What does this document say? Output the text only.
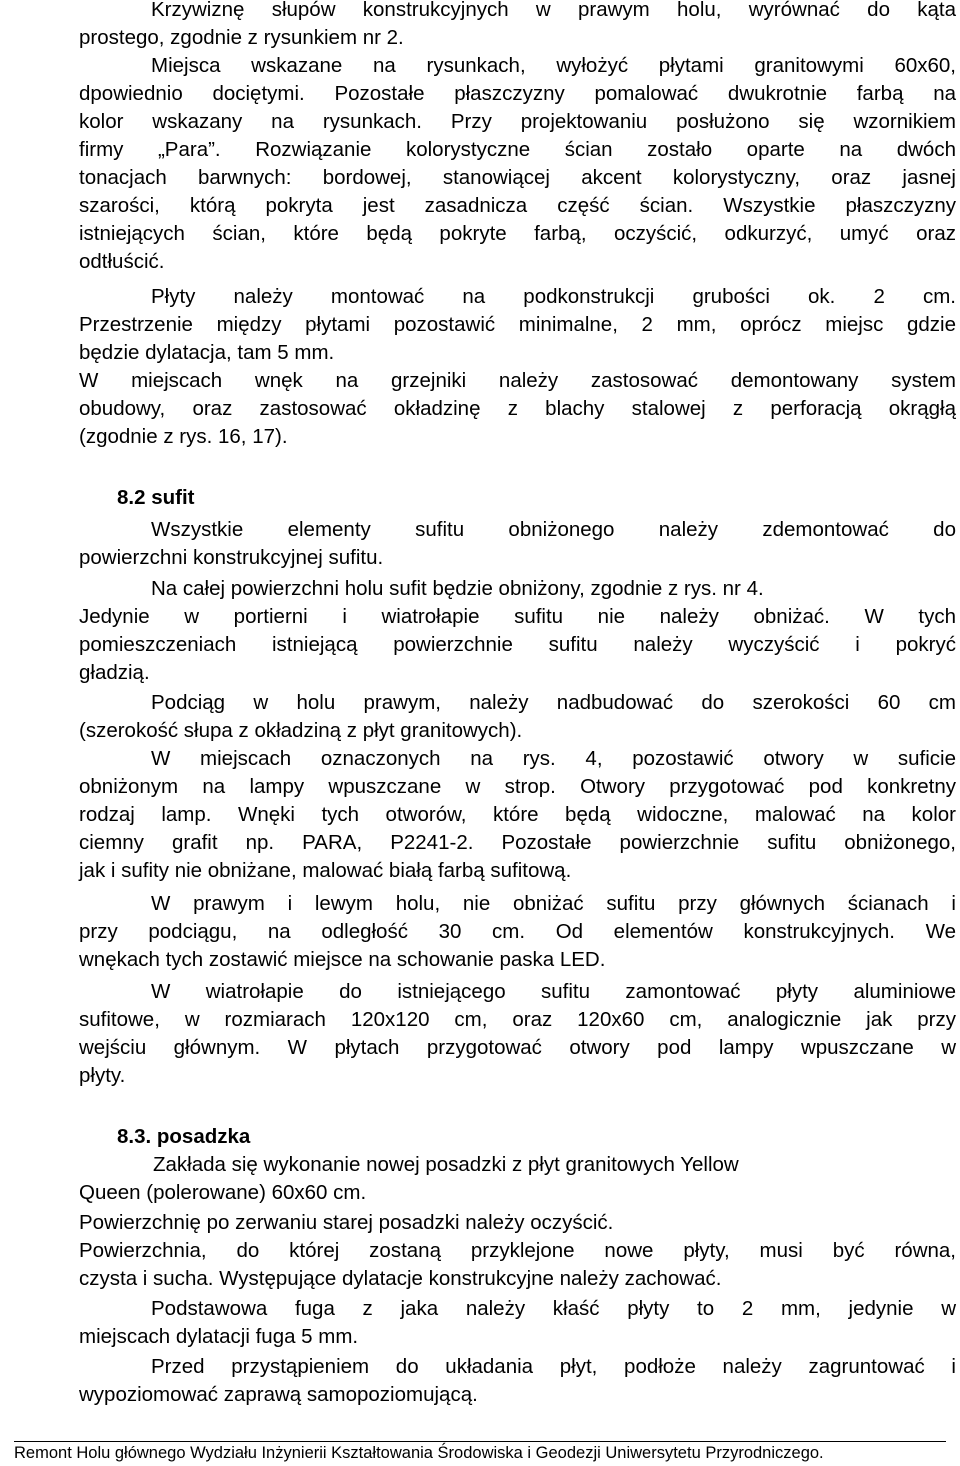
Krzywiznę słupów konstrukcyjnych w prawym holu, wyrównać do kąta
prostego, zgodnie z rysunkiem nr 2.
Miejsca wskazane na rysunkach, wyłożyć płytami granitowymi 60x60,
dpowiednio dociętymi. Pozostałe płaszczyzny pomalować dwukrotnie farbą na
kolor wskazany na rysunkach. Przy projektowaniu posłużono się wzornikiem
firmy „Para”. Rozwiązanie kolorystyczne ścian zostało oparte na dwóch
tonacjach barwnych: bordowej, stanowiącej akcent kolorystyczny, oraz jasnej
szarości, którą pokryta jest zasadnicza część ścian. Wszystkie płaszczyzny
istniejących ścian, które będą pokryte farbą, oczyścić, odkurzyć, umyć oraz
odtłuścić.
Płyty należy montować na podkonstrukcji grubości ok. 2 cm.
Przestrzenie między płytami pozostawić minimalne, 2 mm, oprócz miejsc gdzie
będzie dylatacja, tam 5 mm.
W miejscach wnęk na grzejniki należy zastosować demontowany system
obudowy, oraz zastosować okładzinę z blachy stalowej z perforacją okrągłą
(zgodnie z rys. 16, 17).
8.2 sufit
Wszystkie elementy sufitu obniżonego należy zdemontować do
powierzchni konstrukcyjnej sufitu.
Na całej powierzchni holu sufit będzie obniżony, zgodnie z rys. nr 4.
Jedynie w portierni i wiatrołapie sufitu nie należy obniżać. W tych
pomieszczeniach istniejącą powierzchnie sufitu należy wyczyścić i pokryć
gładzią.
Podciąg w holu prawym, należy nadbudować do szerokości 60 cm
(szerokość słupa z okładziną z płyt granitowych).
W miejscach oznaczonych na rys. 4, pozostawić otwory w suficie
obniżonym na lampy wpuszczane w strop. Otwory przygotować pod konkretny
rodzaj lamp. Wnęki tych otworów, które będą widoczne, malować na kolor
ciemny grafit np. PARA, P2241-2. Pozostałe powierzchnie sufitu obniżonego,
jak i sufity nie obniżane, malować białą farbą sufitową.
W prawym i lewym holu, nie obniżać sufitu przy głównych ścianach i
przy podciągu, na odległość 30 cm. Od elementów konstrukcyjnych. We
wnękach tych zostawić miejsce na schowanie paska LED.
W wiatrołapie do istniejącego sufitu zamontować płyty aluminiowe
sufitowe, w rozmiarach 120x120 cm, oraz 120x60 cm, analogicznie jak przy
wejściu głównym. W płytach przygotować otwory pod lampy wpuszczane w
płyty.
8.3. posadzka
Zakłada się wykonanie nowej posadzki z płyt granitowych Yellow
Queen (polerowane) 60x60 cm.
Powierzchnię po zerwaniu starej posadzki należy oczyścić.
Powierzchnia, do której zostaną przyklejone nowe płyty, musi być równa,
czysta i sucha. Występujące dylatacje konstrukcyjne należy zachować.
Podstawowa fuga z jaka należy kłaść płyty to 2 mm, jedynie w
miejscach dylatacji fuga 5 mm.
Przed przystąpieniem do układania płyt, podłoże należy zagruntować i
wypoziomować zaprawą samopoziomującą.
Remont Holu głównego Wydziału Inżynierii Kształtowania Środowiska i Geodezji Uniwersytetu Przyrodniczego.
